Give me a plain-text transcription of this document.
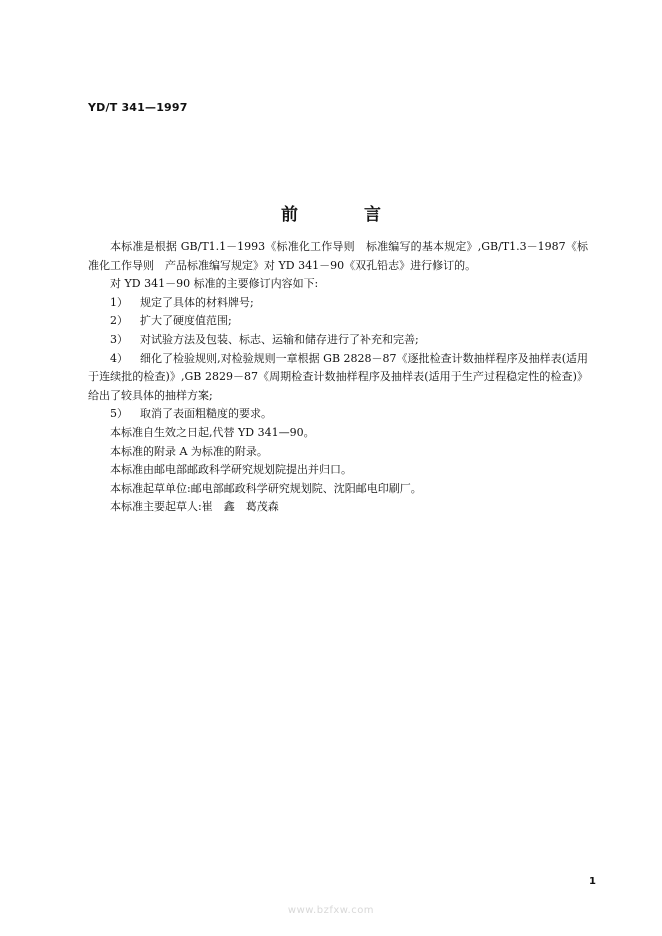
YD/T 341—1997
前 言

本标准是根据 GB/T1.1－1993《标准化工作导则　标准编写的基本规定》,GB/T1.3－1987《标准化工作导则　产品标准编写规定》对 YD 341－90《双孔铅志》进行修订的。

对 YD 341－90 标准的主要修订内容如下:

1） 规定了具体的材料牌号;

2） 扩大了硬度值范围;

3） 对试验方法及包装、标志、运输和储存进行了补充和完善;

4） 细化了检验规则,对检验规则一章根据 GB 2828－87《逐批检查计数抽样程序及抽样表(适用于连续批的检查)》,GB 2829－87《周期检查计数抽样程序及抽样表(适用于生产过程稳定性的检查)》给出了较具体的抽样方案;

5） 取消了表面粗糙度的要求。

本标准自生效之日起,代替 YD 341—90。

本标准的附录 A 为标准的附录。

本标准由邮电部邮政科学研究规划院提出并归口。

本标准起草单位:邮电部邮政科学研究规划院、沈阳邮电印刷厂。

本标准主要起草人:崔　鑫　葛茂森

1
www.bzfxw.com
